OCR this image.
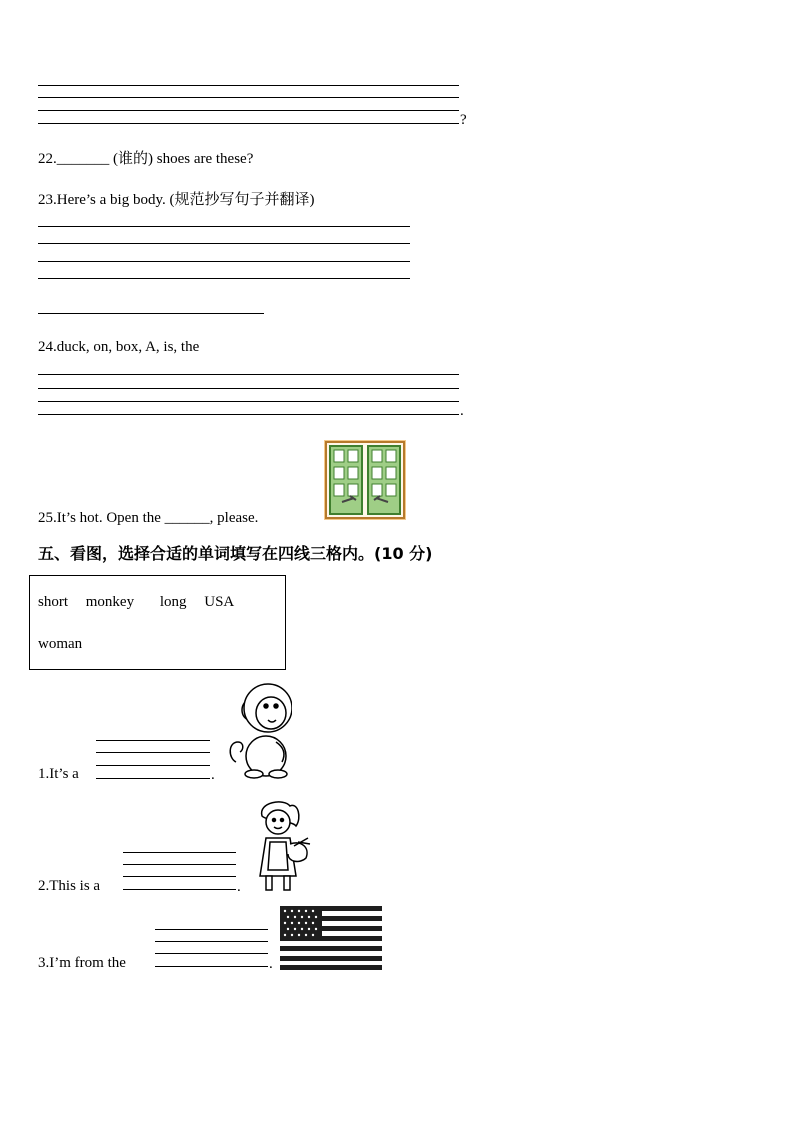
?
22._______ (谁的) shoes are these?
23.Here’s a big body. (规范抄写句子并翻译)
24.duck, on, box, A, is, the
.
25.It’s hot. Open the ______, please.
五、看图，选择合适的单词填写在四线三格内。(10 分)
short monkey long USA
woman
1.It’s a	.
2.This is a	.
3.I’m from the	.
